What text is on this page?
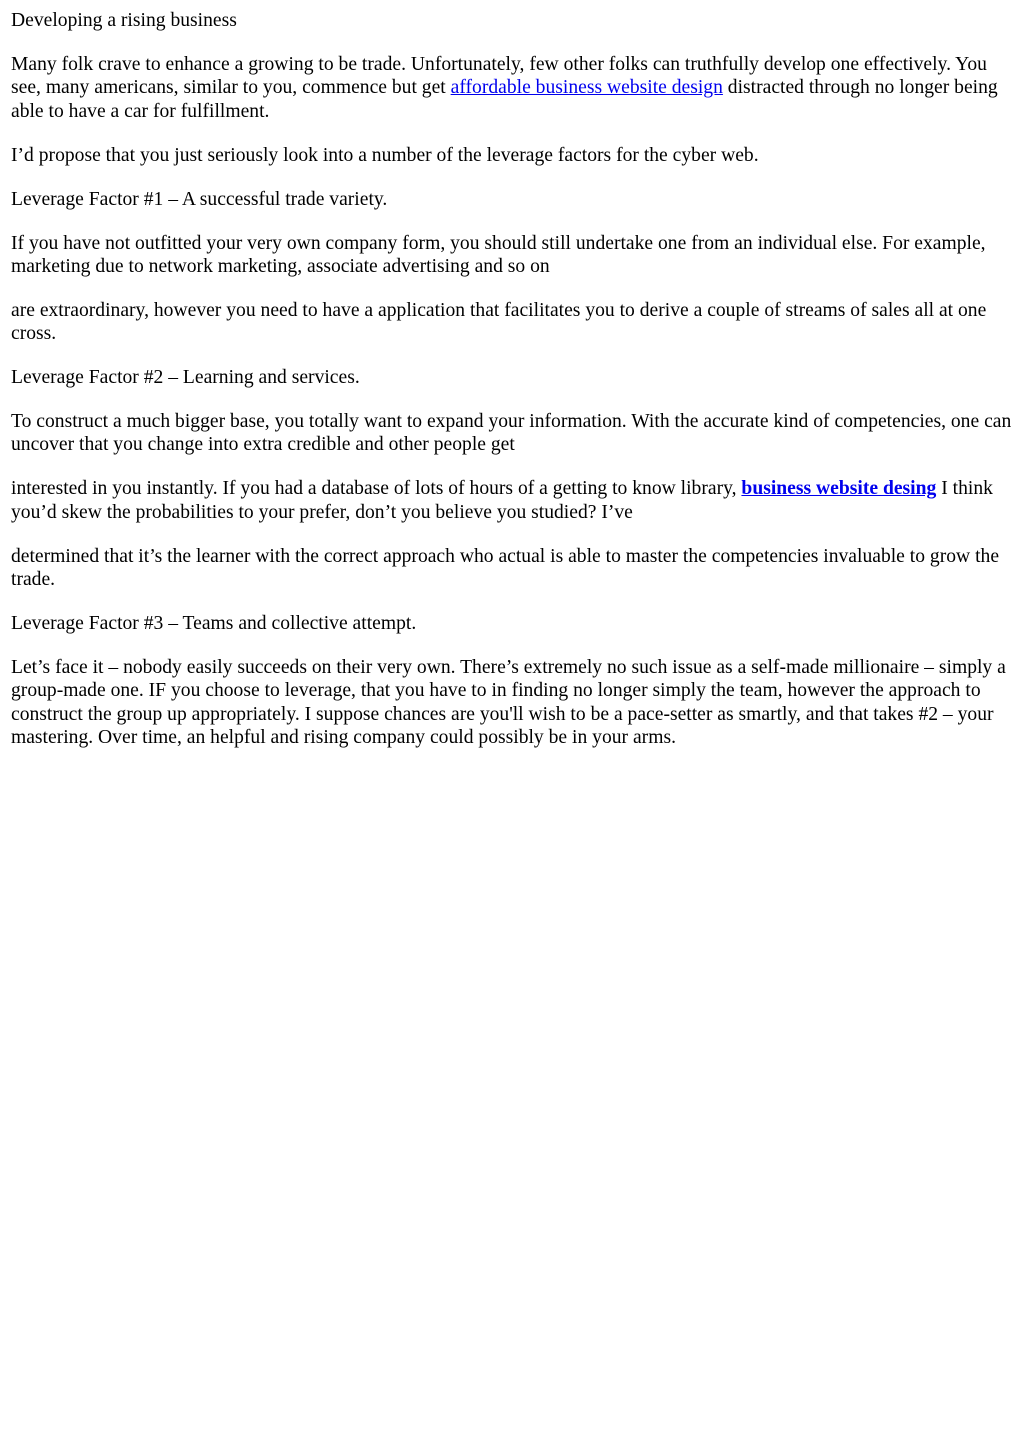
Developing a rising business

Many folk crave to enhance a growing to be trade. Unfortunately, few other folks can truthfully develop one effectively. You see, many americans, similar to you, commence but get affordable business website design distracted through no longer being able to have a car for fulfillment.

I’d propose that you just seriously look into a number of the leverage factors for the cyber web.

Leverage Factor #1 – A successful trade variety.

If you have not outfitted your very own company form, you should still undertake one from an individual else. For example, marketing due to network marketing, associate advertising and so on

are extraordinary, however you need to have a application that facilitates you to derive a couple of streams of sales all at one cross.

Leverage Factor #2 – Learning and services.

To construct a much bigger base, you totally want to expand your information. With the accurate kind of competencies, one can uncover that you change into extra credible and other people get

interested in you instantly. If you had a database of lots of hours of a getting to know library, business website desing I think you’d skew the probabilities to your prefer, don’t you believe you studied? I’ve

determined that it’s the learner with the correct approach who actual is able to master the competencies invaluable to grow the trade.

Leverage Factor #3 – Teams and collective attempt.

Let’s face it – nobody easily succeeds on their very own. There’s extremely no such issue as a self-made millionaire – simply a group-made one. IF you choose to leverage, that you have to in finding no longer simply the team, however the approach to construct the group up appropriately. I suppose chances are you'll wish to be a pace-setter as smartly, and that takes #2 – your mastering. Over time, an helpful and rising company could possibly be in your arms.
